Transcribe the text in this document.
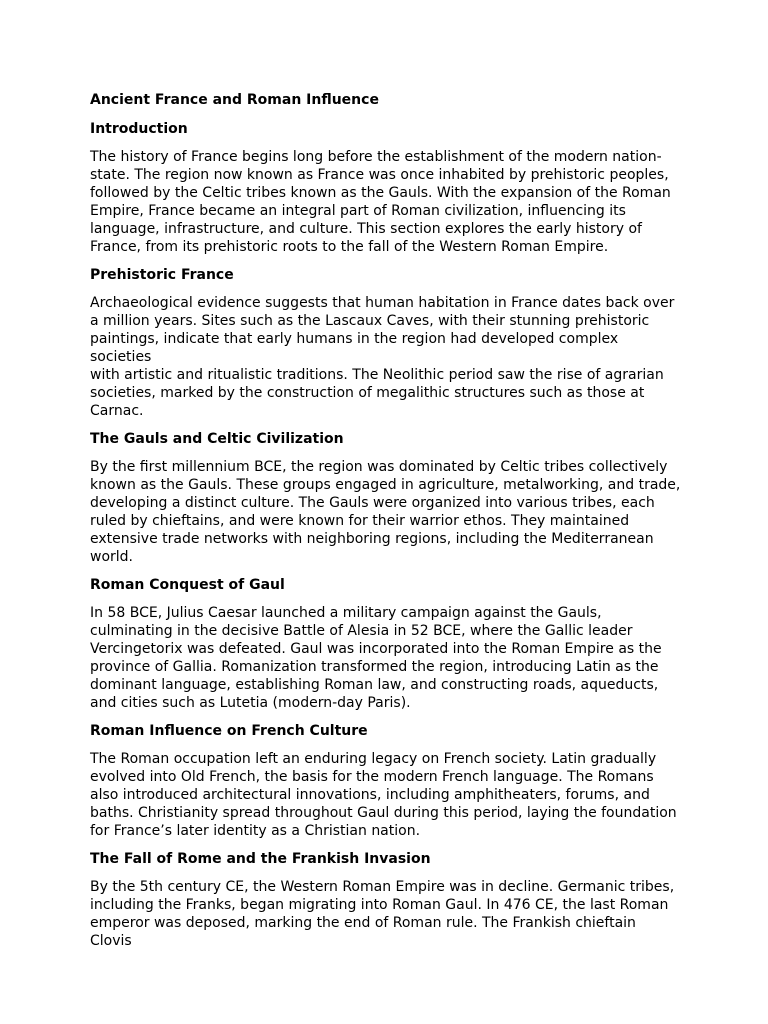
Ancient France and Roman Influence
Introduction
The history of France begins long before the establishment of the modern nation-
state. The region now known as France was once inhabited by prehistoric peoples,
followed by the Celtic tribes known as the Gauls. With the expansion of the Roman
Empire, France became an integral part of Roman civilization, influencing its
language, infrastructure, and culture. This section explores the early history of
France, from its prehistoric roots to the fall of the Western Roman Empire.
Prehistoric France
Archaeological evidence suggests that human habitation in France dates back over
a million years. Sites such as the Lascaux Caves, with their stunning prehistoric
paintings, indicate that early humans in the region had developed complex societies
with artistic and ritualistic traditions. The Neolithic period saw the rise of agrarian
societies, marked by the construction of megalithic structures such as those at
Carnac.
The Gauls and Celtic Civilization
By the first millennium BCE, the region was dominated by Celtic tribes collectively
known as the Gauls. These groups engaged in agriculture, metalworking, and trade,
developing a distinct culture. The Gauls were organized into various tribes, each
ruled by chieftains, and were known for their warrior ethos. They maintained
extensive trade networks with neighboring regions, including the Mediterranean
world.
Roman Conquest of Gaul
In 58 BCE, Julius Caesar launched a military campaign against the Gauls,
culminating in the decisive Battle of Alesia in 52 BCE, where the Gallic leader
Vercingetorix was defeated. Gaul was incorporated into the Roman Empire as the
province of Gallia. Romanization transformed the region, introducing Latin as the
dominant language, establishing Roman law, and constructing roads, aqueducts,
and cities such as Lutetia (modern-day Paris).
Roman Influence on French Culture
The Roman occupation left an enduring legacy on French society. Latin gradually
evolved into Old French, the basis for the modern French language. The Romans
also introduced architectural innovations, including amphitheaters, forums, and
baths. Christianity spread throughout Gaul during this period, laying the foundation
for France’s later identity as a Christian nation.
The Fall of Rome and the Frankish Invasion
By the 5th century CE, the Western Roman Empire was in decline. Germanic tribes,
including the Franks, began migrating into Roman Gaul. In 476 CE, the last Roman
emperor was deposed, marking the end of Roman rule. The Frankish chieftain Clovis
